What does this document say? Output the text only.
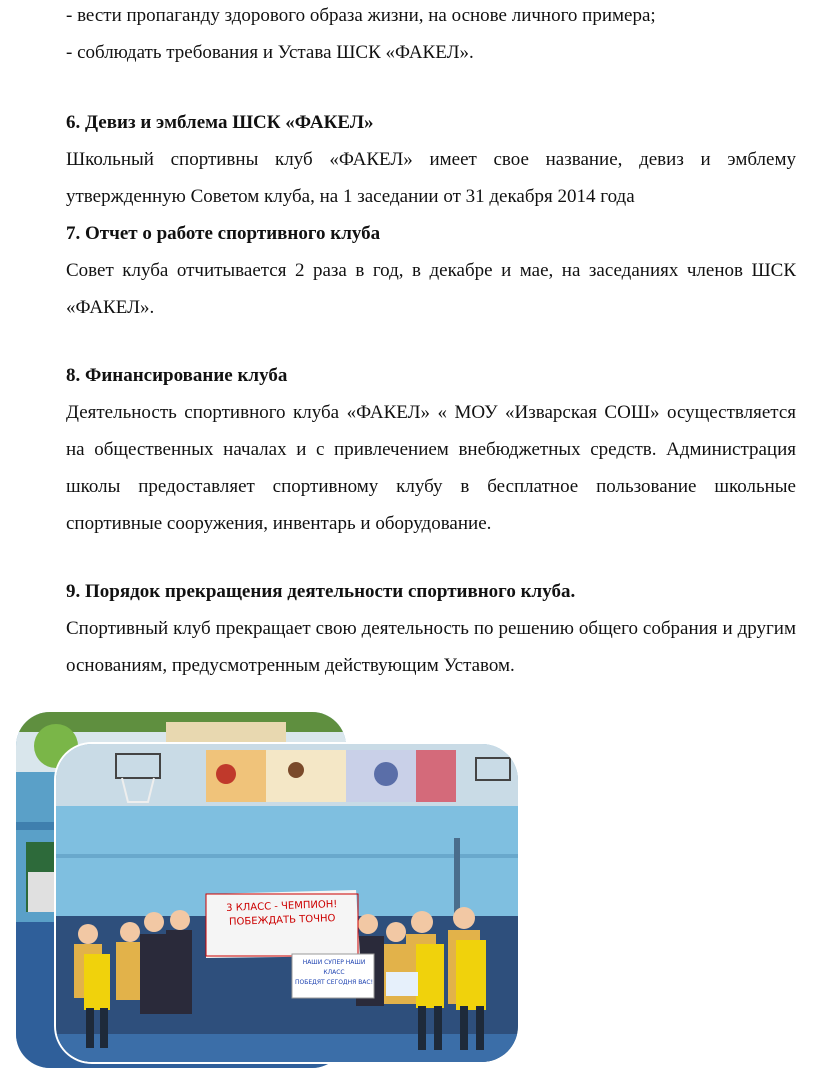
- вести пропаганду здорового образа жизни, на основе личного примера;
- соблюдать требования и Устава ШСК «ФАКЕЛ».
6. Девиз и эмблема ШСК «ФАКЕЛ»
Школьный спортивны клуб «ФАКЕЛ» имеет свое название, девиз и эмблему утвержденную Советом клуба, на 1 заседании от 31 декабря 2014 года
7. Отчет о работе спортивного клуба
Совет клуба отчитывается 2 раза в год, в декабре и мае, на заседаниях членов ШСК «ФАКЕЛ».
8. Финансирование клуба
Деятельность спортивного клуба «ФАКЕЛ» « МОУ «Изварская СОШ» осуществляется на общественных началах и с привлечением внебюджетных средств. Администрация школы предоставляет спортивному клубу в бесплатное пользование школьные спортивные сооружения, инвентарь и оборудование.
9. Порядок прекращения деятельности спортивного клуба.
Спортивный клуб прекращает свою деятельность по решению общего собрания и другим основаниям, предусмотренным действующим Уставом.
3 КЛАСС - ЧЕМПИОН!
ПОБЕЖДАТЬ ТОЧНО
НАШИ СУПЕР НАШИ КЛАСС
ПОБЕДЯТ СЕГОДНЯ ВАС!
